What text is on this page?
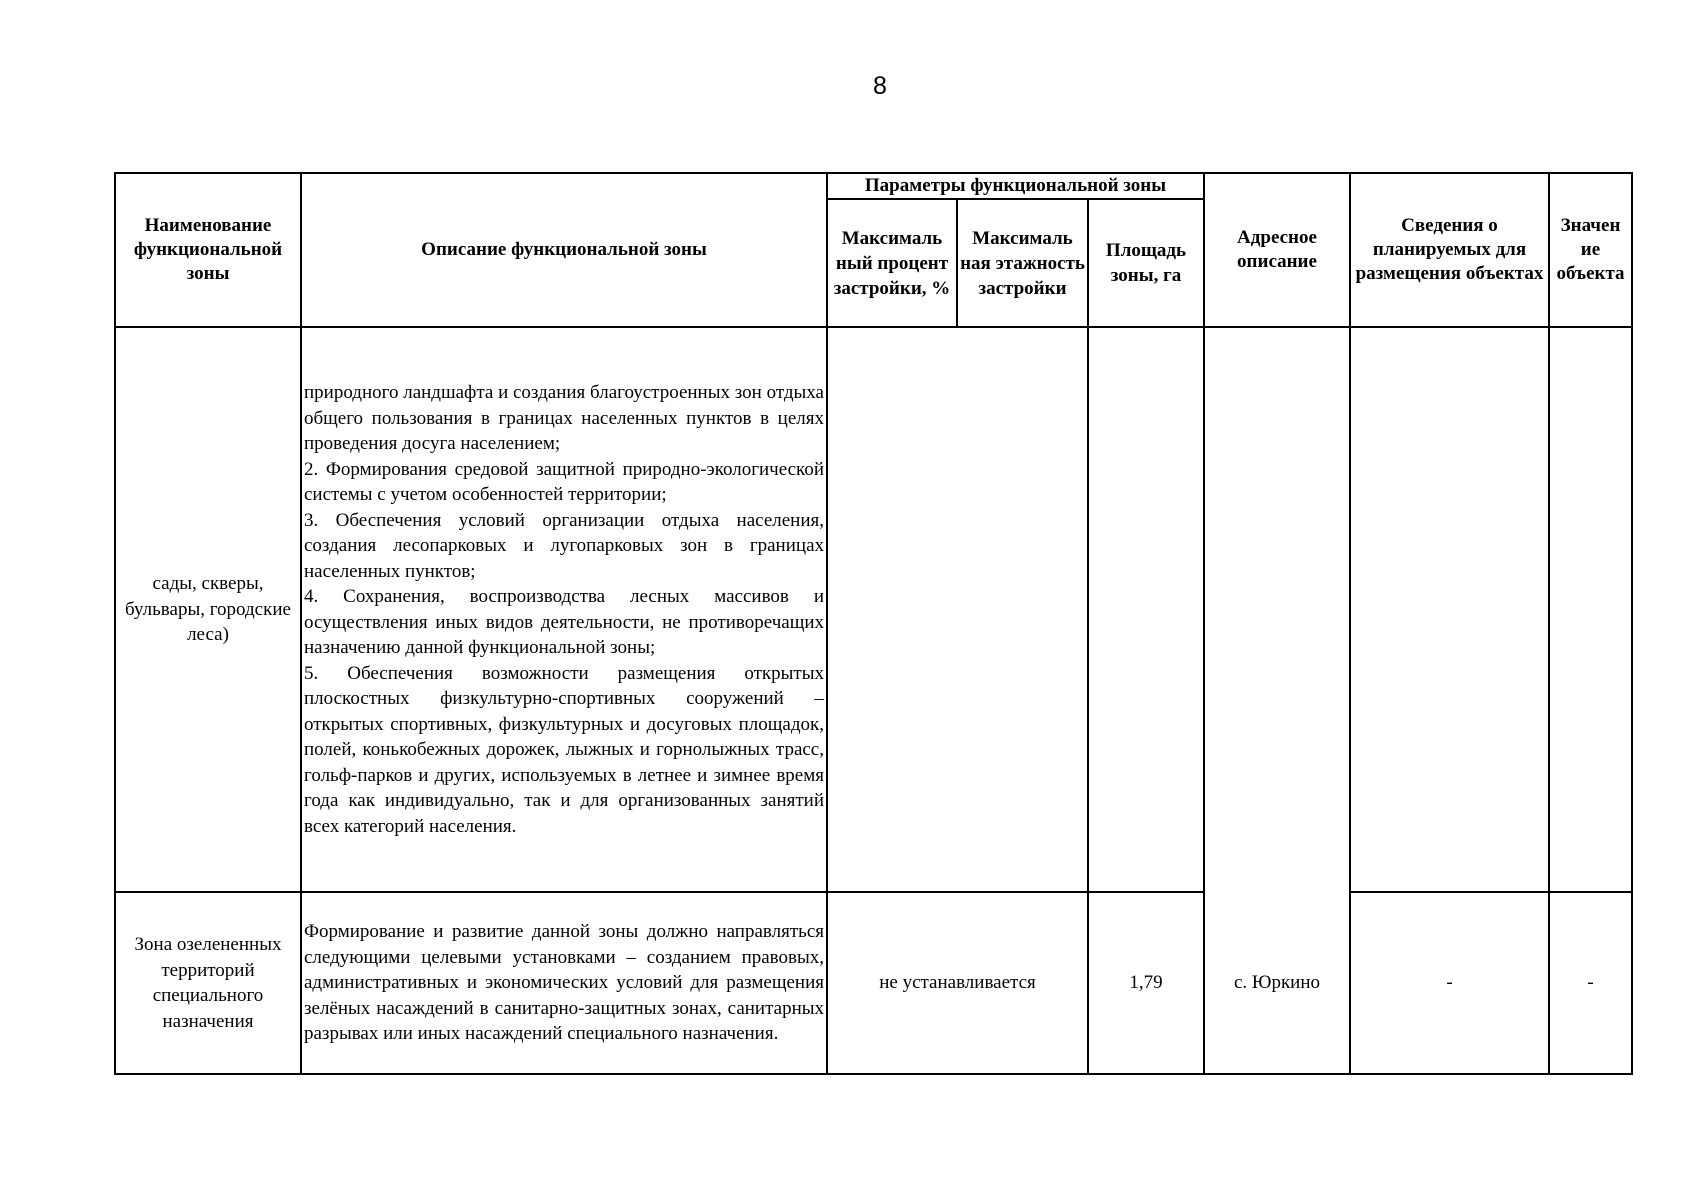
8
Наименование функциональной зоны	Описание функциональной зоны	Параметры функциональной зоны			Адресное описание	Сведения о планируемых для размещения объектах	Значен ие объекта
		Максималь ный процент застройки, %	Максималь ная этажность застройки	Площадь зоны, га			
сады, скверы, бульвары, городские леса)	природного ландшафта и создания благоустроенных зон отдыха общего пользования в границах населенных пунктов в целях проведения досуга населением;

2. Формирования средовой защитной природно-экологической системы с учетом особенностей территории;

3. Обеспечения условий организации отдыха населения, создания лесопарковых и лугопарковых зон в границах населенных пунктов;

4. Сохранения, воспроизводства лесных массивов и осуществления иных видов деятельности, не противоречащих назначению данной функциональной зоны;

5. Обеспечения возможности размещения открытых плоскостных физкультурно-спортивных сооружений – открытых спортивных, физкультурных и досуговых площадок, полей, конькобежных дорожек, лыжных и горнолыжных трасс, гольф-парков и других, используемых в летнее и зимнее время года как индивидуально, так и для организованных занятий всех категорий населения.						

Зона озелененных территорий специального назначения	Формирование и развитие данной зоны должно направляться следующими целевыми установками – созданием правовых, административных и экономических условий для размещения зелёных насаждений в санитарно-защитных зонах, санитарных разрывах или иных насаждений специального назначения.	не устанавливается		1,79	с. Юркино	-	-
